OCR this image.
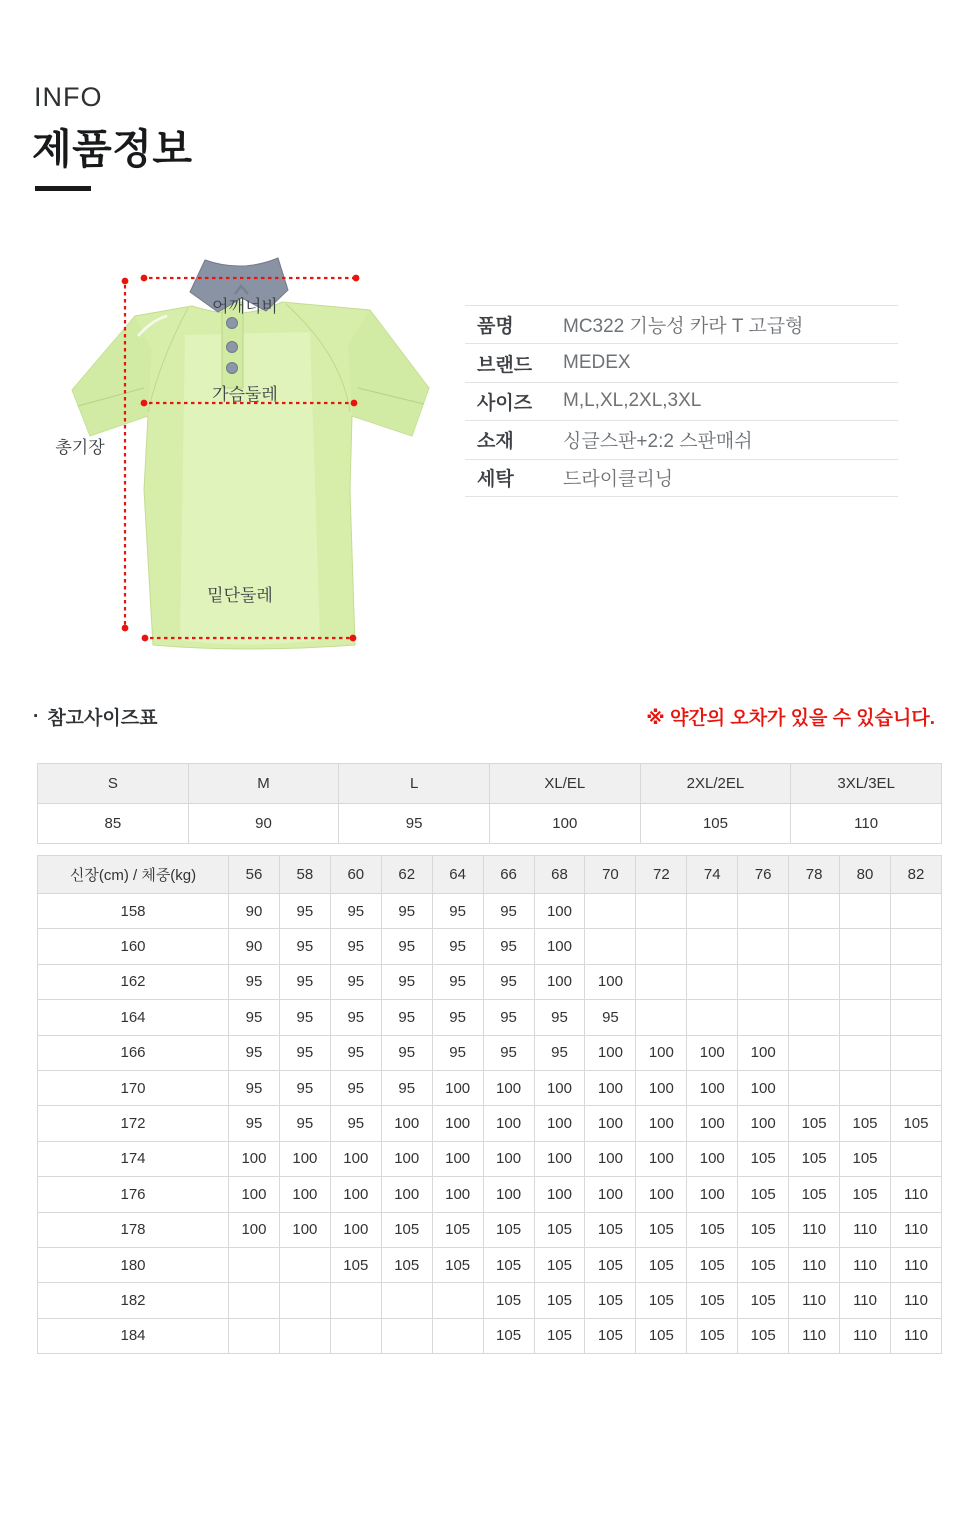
INFO
제품정보
어깨너비
가슴둘레
총기장
밑단둘레
품명	MC322 기능성 카라 T 고급형
브랜드	MEDEX
사이즈	M,L,XL,2XL,3XL
소재	싱글스판+2:2 스판매쉬
세탁	드라이클리닝
· 참고사이즈표	※ 약간의 오차가 있을 수 있습니다.
S	M	L	XL/EL	2XL/2EL	3XL/3EL
85	90	95	100	105	110
신장(cm) / 체중(kg)	56	58	60	62	64	66	68	70	72	74	76	78	80	82
158	90	95	95	95	95	95	100							
160	90	95	95	95	95	95	100							
162	95	95	95	95	95	95	100	100						
164	95	95	95	95	95	95	95	95						
166	95	95	95	95	95	95	95	100	100	100	100			
170	95	95	95	95	100	100	100	100	100	100	100			
172	95	95	95	100	100	100	100	100	100	100	100	105	105	105
174	100	100	100	100	100	100	100	100	100	100	105	105	105	
176	100	100	100	100	100	100	100	100	100	100	105	105	105	110
178	100	100	100	105	105	105	105	105	105	105	105	110	110	110
180			105	105	105	105	105	105	105	105	105	110	110	110
182						105	105	105	105	105	105	110	110	110
184						105	105	105	105	105	105	110	110	110
